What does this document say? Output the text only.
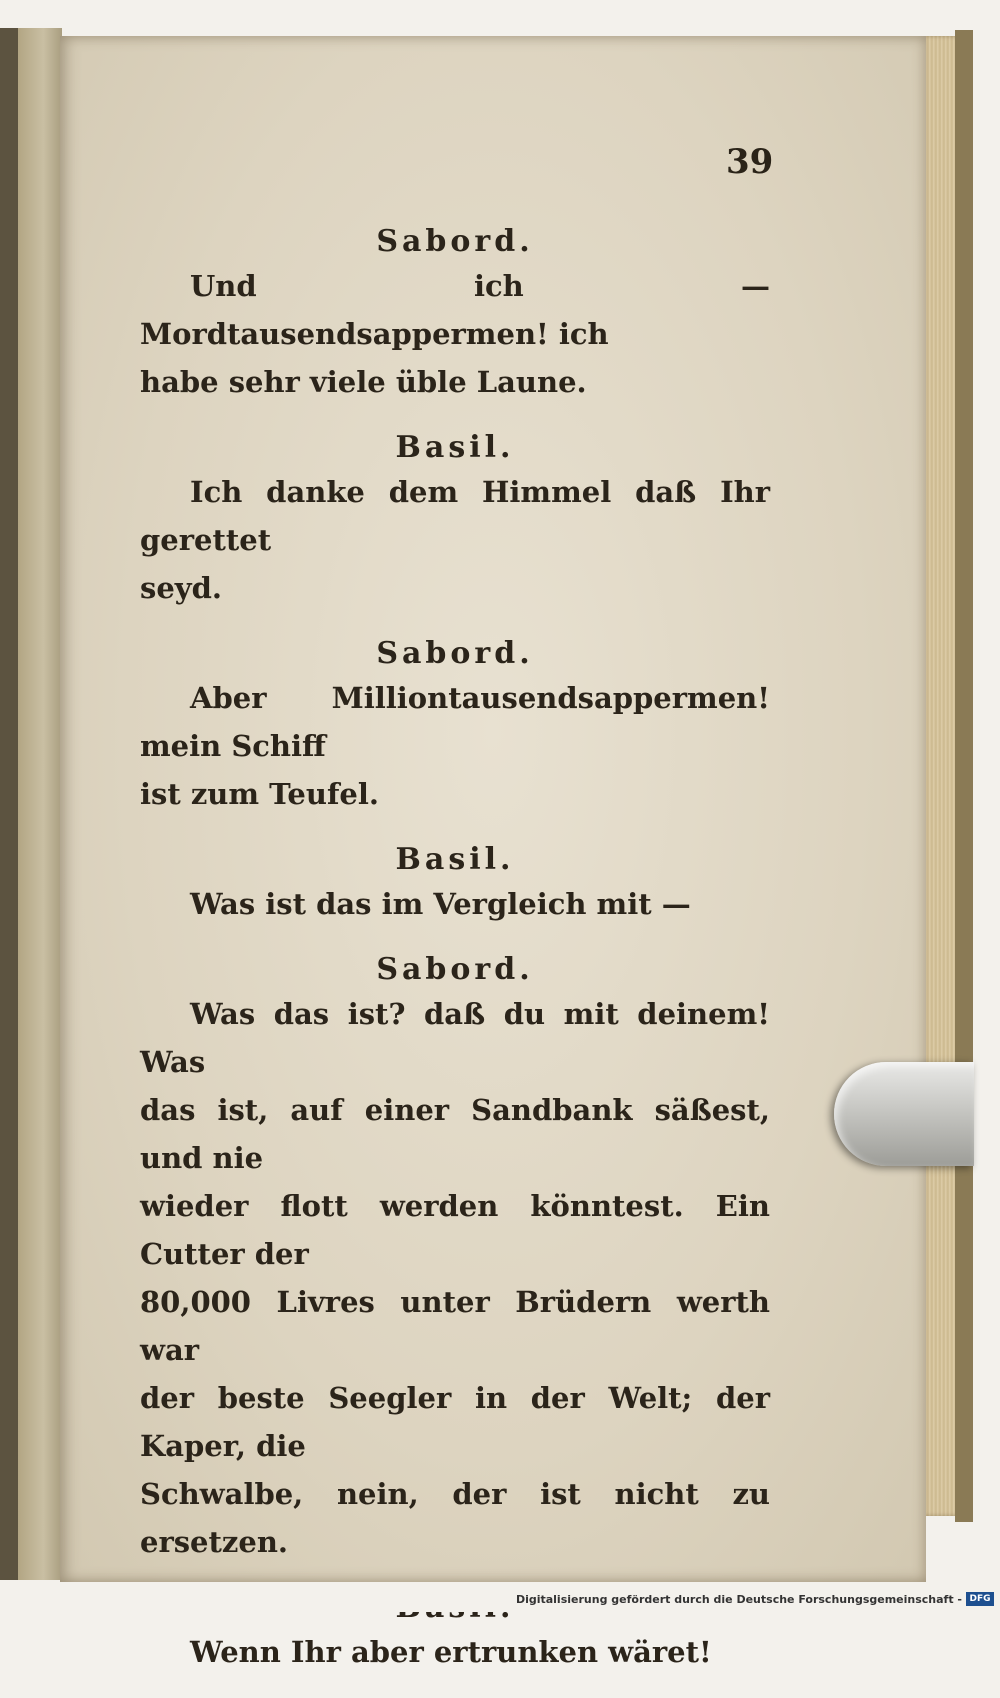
39

Sabord.

Und ich — Mordtausendsappermen! ich

habe sehr viele üble Laune.

Basil.

Ich danke dem Himmel daß Ihr gerettet

seyd.

Sabord.

Aber Milliontausendsappermen! mein Schiff

ist zum Teufel.

Basil.

Was ist das im Vergleich mit —

Sabord.

Was das ist? daß du mit deinem! Was

das ist, auf einer Sandbank säßest, und nie

wieder flott werden könntest. Ein Cutter der

80,000 Livres unter Brüdern werth war

der beste Seegler in der Welt; der Kaper, die

Schwalbe, nein, der ist nicht zu ersetzen.

Wenn Ihr aber ertrunken wäret!

Digitalisierung gefördert durch die Deutsche Forschungsgemeinschaft - DFG
